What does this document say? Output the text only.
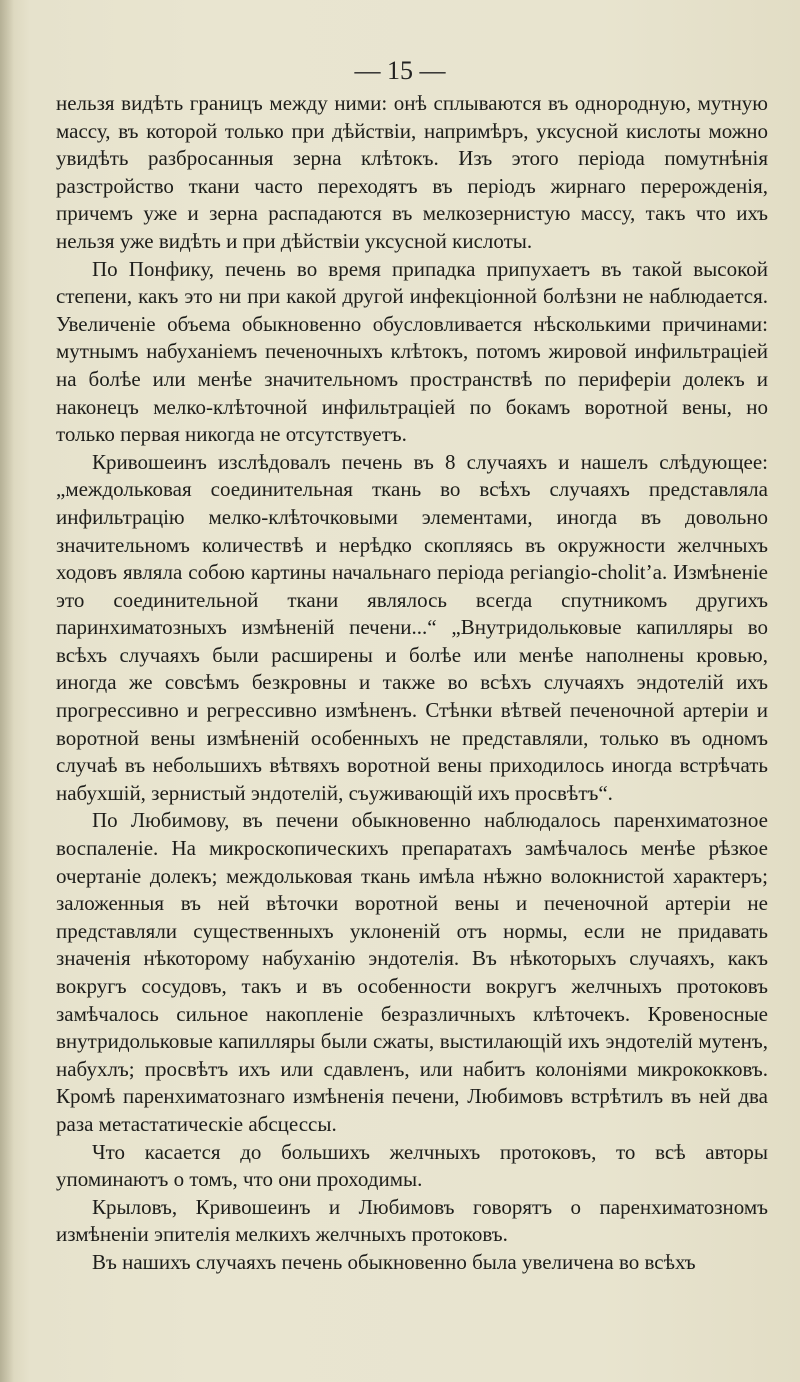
— 15 —

нельзя видѣть границъ между ними: онѣ сплываются въ однородную, мутную массу, въ которой только при дѣйствіи, напримѣръ, уксусной кислоты можно увидѣть разбросанныя зерна клѣтокъ. Изъ этого періода помутнѣнія разстройство ткани часто переходятъ въ періодъ жирнаго перерожденія, причемъ уже и зерна распадаются въ мелкозернистую массу, такъ что ихъ нельзя уже видѣть и при дѣйствіи уксусной кислоты.

По Понфику, печень во время припадка припухаетъ въ такой высокой степени, какъ это ни при какой другой инфекціонной болѣзни не наблюдается. Увеличеніе объема обыкновенно обусловливается нѣсколькими причинами: мутнымъ набуханіемъ печеночныхъ клѣтокъ, потомъ жировой инфильтраціей на болѣе или менѣе значительномъ пространствѣ по периферіи долекъ и наконецъ мелко-клѣточной инфильтраціей по бокамъ воротной вены, но только первая никогда не отсутствуетъ.

Кривошеинъ изслѣдовалъ печень въ 8 случаяхъ и нашелъ слѣдующее: „междольковая соединительная ткань во всѣхъ случаяхъ представляла инфильтрацію мелко-клѣточковыми элементами, иногда въ довольно значительномъ количествѣ и нерѣдко скопляясь въ окружности желчныхъ ходовъ являла собою картины начальнаго періода регіаngіо-сholit’а. Измѣненіе это соединительной ткани являлось всегда спутникомъ другихъ паринхиматозныхъ измѣненій печени...“ „Внутридольковые капилляры во всѣхъ случаяхъ были расширены и болѣе или менѣе наполнены кровью, иногда же совсѣмъ безкровны и также во всѣхъ случаяхъ эндотелій ихъ прогрессивно и регрессивно измѣненъ. Стѣнки вѣтвей печеночной артеріи и воротной вены измѣненій особенныхъ не представляли, только въ одномъ случаѣ въ небольшихъ вѣтвяхъ воротной вены приходилось иногда встрѣчать набухшій, зернистый эндотелій, съуживающій ихъ просвѣтъ“.

По Любимову, въ печени обыкновенно наблюдалось паренхиматозное воспаленіе. На микроскопическихъ препаратахъ замѣчалось менѣе рѣзкое очертаніе долекъ; междольковая ткань имѣла нѣжно волокнистой характеръ; заложенныя въ ней вѣточки воротной вены и печеночной артеріи не представляли существенныхъ уклоненій отъ нормы, если не придавать значенія нѣкоторому набуханію эндотелія. Въ нѣкоторыхъ случаяхъ, какъ вокругъ сосудовъ, такъ и въ особенности вокругъ желчныхъ протоковъ замѣчалось сильное накопленіе безразличныхъ клѣточекъ. Кровеносные внутридольковые капилляры были сжаты, выстилающій ихъ эндотелій мутенъ, набухлъ; просвѣтъ ихъ или сдавленъ, или набитъ колоніями микрококковъ. Кромѣ паренхиматознаго измѣненія печени, Любимовъ встрѣтилъ въ ней два раза метастатическіе абсцессы.

Что касается до большихъ желчныхъ протоковъ, то всѣ авторы упоминаютъ о томъ, что они проходимы.

Крыловъ, Кривошеинъ и Любимовъ говорятъ о паренхиматозномъ измѣненіи эпителія мелкихъ желчныхъ протоковъ.

Въ нашихъ случаяхъ печень обыкновенно была увеличена во всѣхъ
